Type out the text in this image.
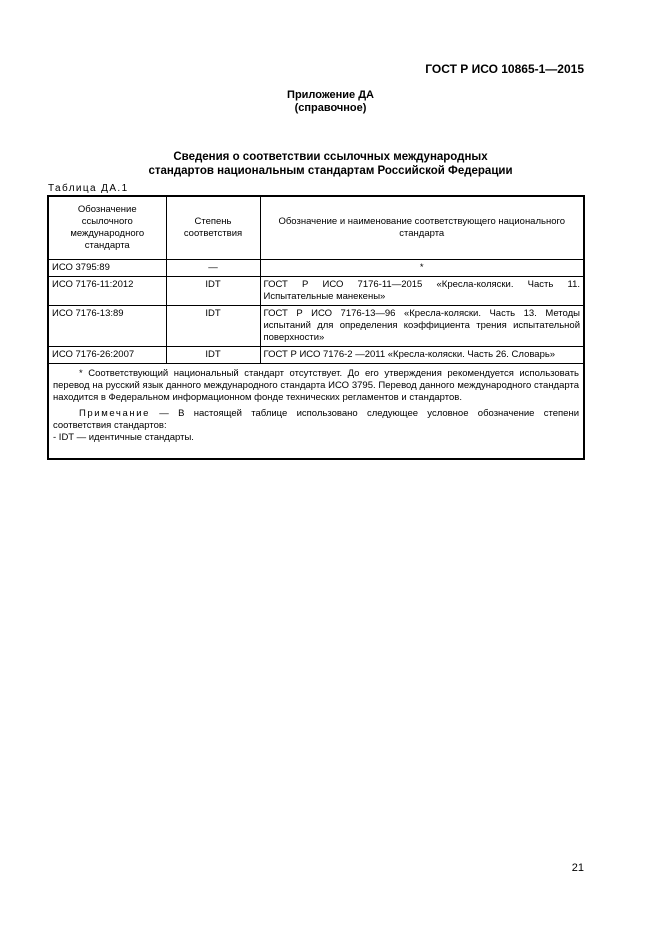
ГОСТ Р ИСО 10865-1—2015
Приложение ДА
(справочное)
Сведения о соответствии ссылочных международных
стандартов национальным стандартам Российской Федерации
Таблица ДА.1
Обозначение ссылочного международного стандарта	Степень соответствия	Обозначение и наименование соответствующего национального стандарта
ИСО 3795:89	—	*
ИСО 7176-11:2012	IDT	ГОСТ Р ИСО 7176-11—2015 «Кресла-коляски. Часть 11. Испытательные манекены»
ИСО 7176-13:89	IDT	ГОСТ Р ИСО 7176-13—96 «Кресла-коляски. Часть 13. Методы испытаний для определения коэффициента трения испытательной поверхности»
ИСО 7176-26:2007	IDT	ГОСТ Р ИСО 7176-2 —2011 «Кресла-коляски. Часть 26. Словарь»

* Соответствующий национальный стандарт отсутствует. До его утверждения рекомендуется использовать перевод на русский язык данного международного стандарта ИСО 3795. Перевод данного международного стандарта находится в Федеральном информационном фонде технических регламентов и стандартов.

Примечание — В настоящей таблице использовано следующее условное обозначение степени соответствия стандартов:

- IDT — идентичные стандарты.		

21
